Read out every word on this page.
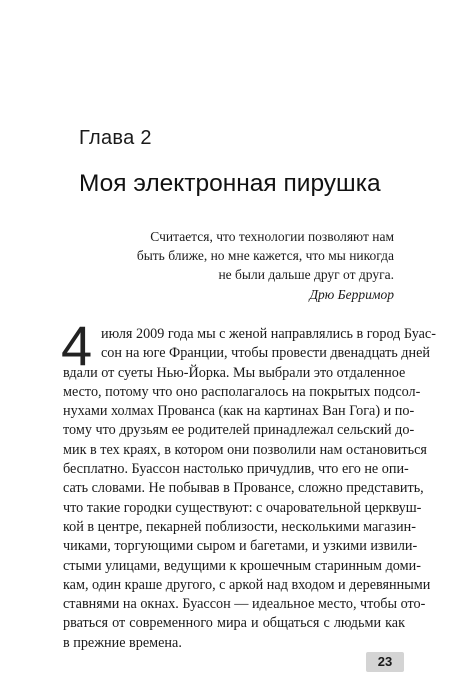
Глава 2
Моя электронная пирушка
Считается, что технологии позволяют нам
быть ближе, но мне кажется, что мы никогда
не были дальше друг от друга.
Дрю Берримор
4 июля 2009 года мы с женой направлялись в город Буас-
сон на юге Франции, чтобы провести двенадцать дней
вдали от суеты Нью-Йорка. Мы выбрали это отдаленное
место, потому что оно располагалось на покрытых подсол-
нухами холмах Прованса (как на картинах Ван Гога) и по-
тому что друзьям ее родителей принадлежал сельский до-
мик в тех краях, в котором они позволили нам остановиться
бесплатно. Буассон настолько причудлив, что его не опи-
сать словами. Не побывав в Провансе, сложно представить,
что такие городки существуют: с очаровательной церквуш-
кой в центре, пекарней поблизости, несколькими магазин-
чиками, торгующими сыром и багетами, и узкими извили-
стыми улицами, ведущими к крошечным старинным доми-
кам, один краше другого, с аркой над входом и деревянными
ставнями на окнах. Буассон — идеальное место, чтобы ото-
рваться от современного мира и общаться с людьми как
в прежние времена.
23
